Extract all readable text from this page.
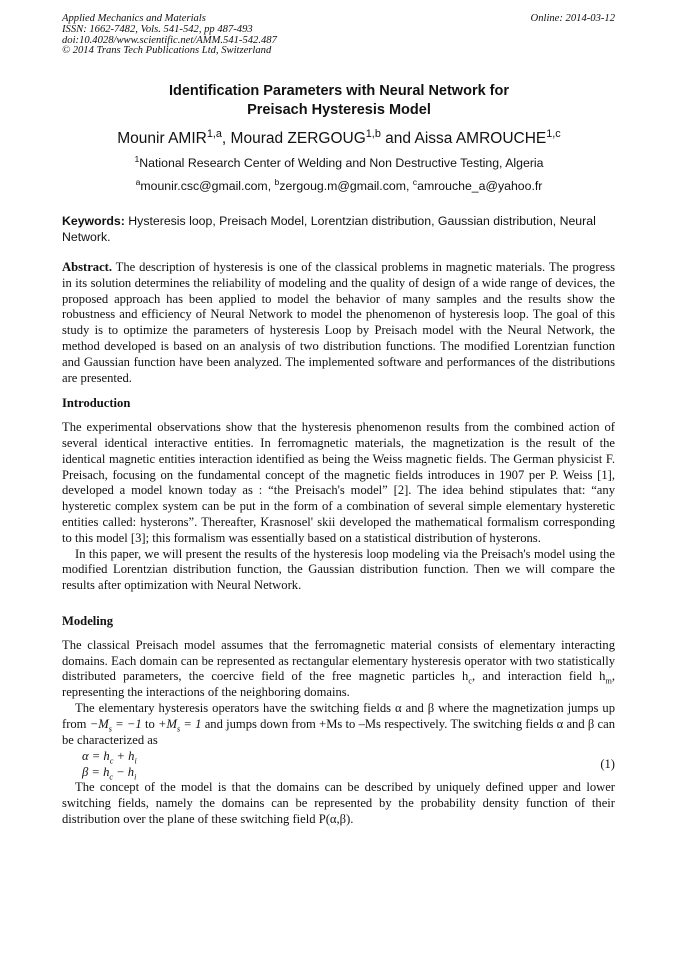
Applied Mechanics and Materials
ISSN: 1662-7482, Vols. 541-542, pp 487-493
doi:10.4028/www.scientific.net/AMM.541-542.487
© 2014 Trans Tech Publications Ltd, Switzerland
Online: 2014-03-12
Identification Parameters with Neural Network for
Preisach Hysteresis Model
Mounir AMIR$^{1,a}$, Mourad ZERGOUG$^{1,b}$ and Aissa AMROUCHE$^{1,c}$
$^1$National Research Center of Welding and Non Destructive Testing, Algeria
$^a$mounir.csc@gmail.com, $^b$zergoug.m@gmail.com, $^c$amrouche_a@yahoo.fr
Keywords: Hysteresis loop, Preisach Model, Lorentzian distribution, Gaussian distribution, Neural Network.

Abstract. The description of hysteresis is one of the classical problems in magnetic materials. The progress in its solution determines the reliability of modeling and the quality of design of a wide range of devices, the proposed approach has been applied to model the behavior of many samples and the results show the robustness and efficiency of Neural Network to model the phenomenon of hysteresis loop. The goal of this study is to optimize the parameters of hysteresis Loop by Preisach model with the Neural Network, the method developed is based on an analysis of two distribution functions. The modified Lorentzian function and Gaussian function have been analyzed. The implemented software and performances of the distributions are presented.

Introduction

The experimental observations show that the hysteresis phenomenon results from the combined action of several identical interactive entities. In ferromagnetic materials, the magnetization is the result of the identical magnetic entities interaction identified as being the Weiss magnetic fields. The German physicist F. Preisach, focusing on the fundamental concept of the magnetic fields introduces in 1907 per P. Weiss [1], developed a model known today as : “the Preisach's model” [2]. The idea behind stipulates that: “any hysteretic complex system can be put in the form of a combination of several simple elementary hysteretic entities called: hysterons”. Thereafter, Krasnosel' skii developed the mathematical formalism corresponding to this model [3]; this formalism was essentially based on a statistical distribution of hysterons.

In this paper, we will present the results of the hysteresis loop modeling via the Preisach's model using the modified Lorentzian distribution function, the Gaussian distribution function. Then we will compare the results after optimization with Neural Network.

Modeling

The classical Preisach model assumes that the ferromagnetic material consists of elementary interacting domains. Each domain can be represented as rectangular elementary hysteresis operator with two statistically distributed parameters, the coercive field of the free magnetic particles $h_c$, and interaction field $h_m$, representing the interactions of the neighboring domains.

The elementary hysteresis operators have the switching fields α and β where the magnetization jumps up from $-M_s = -1$ to $+M_s = 1$ and jumps down from +Ms to –Ms respectively. The switching fields α and β can be characterized as

$\alpha = h_c + h_i$
$\beta = h_c - h_i$
(1)

The concept of the model is that the domains can be described by uniquely defined upper and lower switching fields, namely the domains can be represented by the probability density function of their distribution over the plane of these switching field P(α,β).
